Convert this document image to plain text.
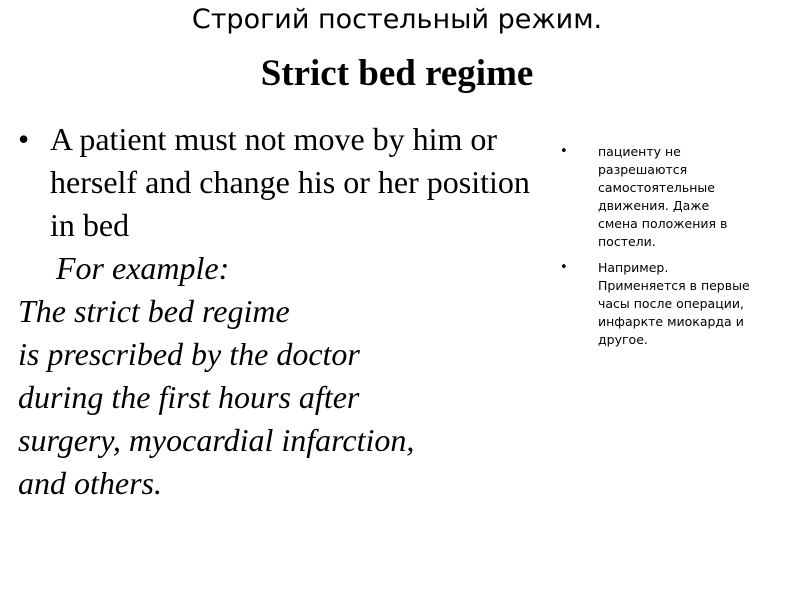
Строгий постельный режим.
Strict bed regime
• A patient must not move by him or herself and change his or her position in bed
For example:
The strict bed regime
is prescribed by the doctor
during the first hours after
surgery, myocardial infarction,
and others.
• пациенту не разрешаются самостоятельные движения. Даже смена положения в постели.
• Например. Применяется в первые часы после операции, инфаркте миокарда и другое.
